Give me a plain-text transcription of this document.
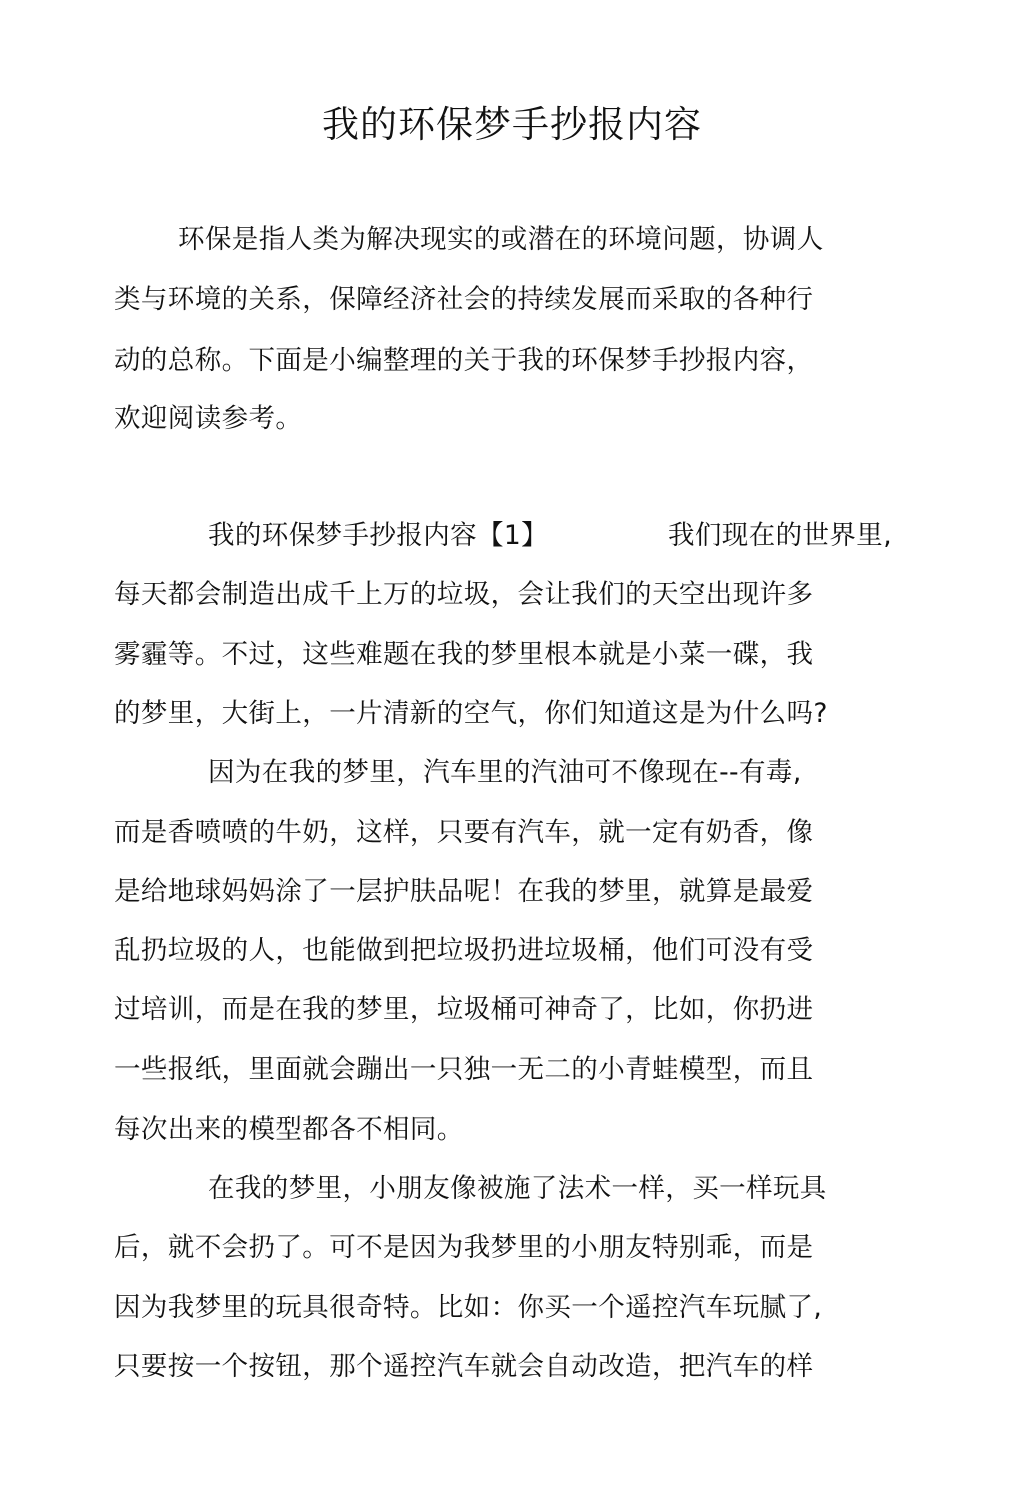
我的环保梦手抄报内容
环保是指人类为解决现实的或潜在的环境问题，协调人
类与环境的关系，保障经济社会的持续发展而采取的各种行
动的总称。下面是小编整理的关于我的环保梦手抄报内容，
欢迎阅读参考。
我的环保梦手抄报内容【1】	我们现在的世界里,
每天都会制造出成千上万的垃圾，会让我们的天空出现许多
雾霾等。不过，这些难题在我的梦里根本就是小菜一碟，我
的梦里，大街上，一片清新的空气，你们知道这是为什么吗?
因为在我的梦里，汽车里的汽油可不像现在--有毒,
而是香喷喷的牛奶，这样，只要有汽车，就一定有奶香，像
是给地球妈妈涂了一层护肤品呢！在我的梦里，就算是最爱
乱扔垃圾的人，也能做到把垃圾扔进垃圾桶，他们可没有受
过培训，而是在我的梦里，垃圾桶可神奇了，比如，你扔进
一些报纸，里面就会蹦出一只独一无二的小青蛙模型，而且
每次出来的模型都各不相同。
在我的梦里，小朋友像被施了法术一样，买一样玩具
后，就不会扔了。可不是因为我梦里的小朋友特别乖，而是
因为我梦里的玩具很奇特。比如：你买一个遥控汽车玩腻了,
只要按一个按钮，那个遥控汽车就会自动改造，把汽车的样
